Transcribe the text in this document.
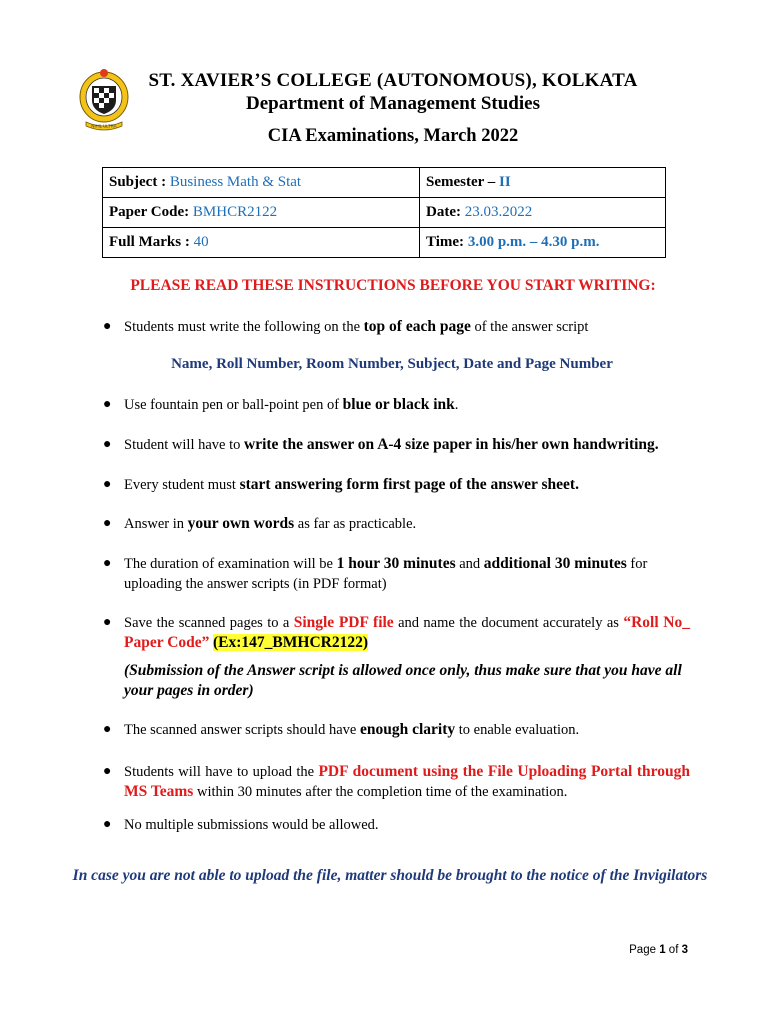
NIHIL ULTRA
ST. XAVIER’S COLLEGE (AUTONOMOUS), KOLKATA
Department of Management Studies
CIA Examinations, March 2022
Subject : Business Math & Stat	Semester – II
Paper Code: BMHCR2122	Date: 23.03.2022
Full Marks : 40	Time: 3.00 p.m. – 4.30 p.m.
PLEASE READ THESE INSTRUCTIONS BEFORE YOU START WRITING:
● Students must write the following on the top of each page of the answer script
Name, Roll Number, Room Number, Subject, Date and Page Number
● Use fountain pen or ball-point pen of blue or black ink.
● Student will have to write the answer on A-4 size paper in his/her own handwriting.
● Every student must start answering form first page of the answer sheet.
● Answer in your own words as far as practicable.
● The duration of examination will be 1 hour 30 minutes and additional 30 minutes for uploading the answer scripts (in PDF format)
● Save the scanned pages to a Single PDF file and name the document accurately as “Roll No_ Paper Code” (Ex:147_BMHCR2122)
(Submission of the Answer script is allowed once only, thus make sure that you have all your pages in order)
● The scanned answer scripts should have enough clarity to enable evaluation.
● Students will have to upload the PDF document using the File Uploading Portal through MS Teams within 30 minutes after the completion time of the examination.
● No multiple submissions would be allowed.
In case you are not able to upload the file, matter should be brought to the notice of the Invigilators
Page 1 of 3
